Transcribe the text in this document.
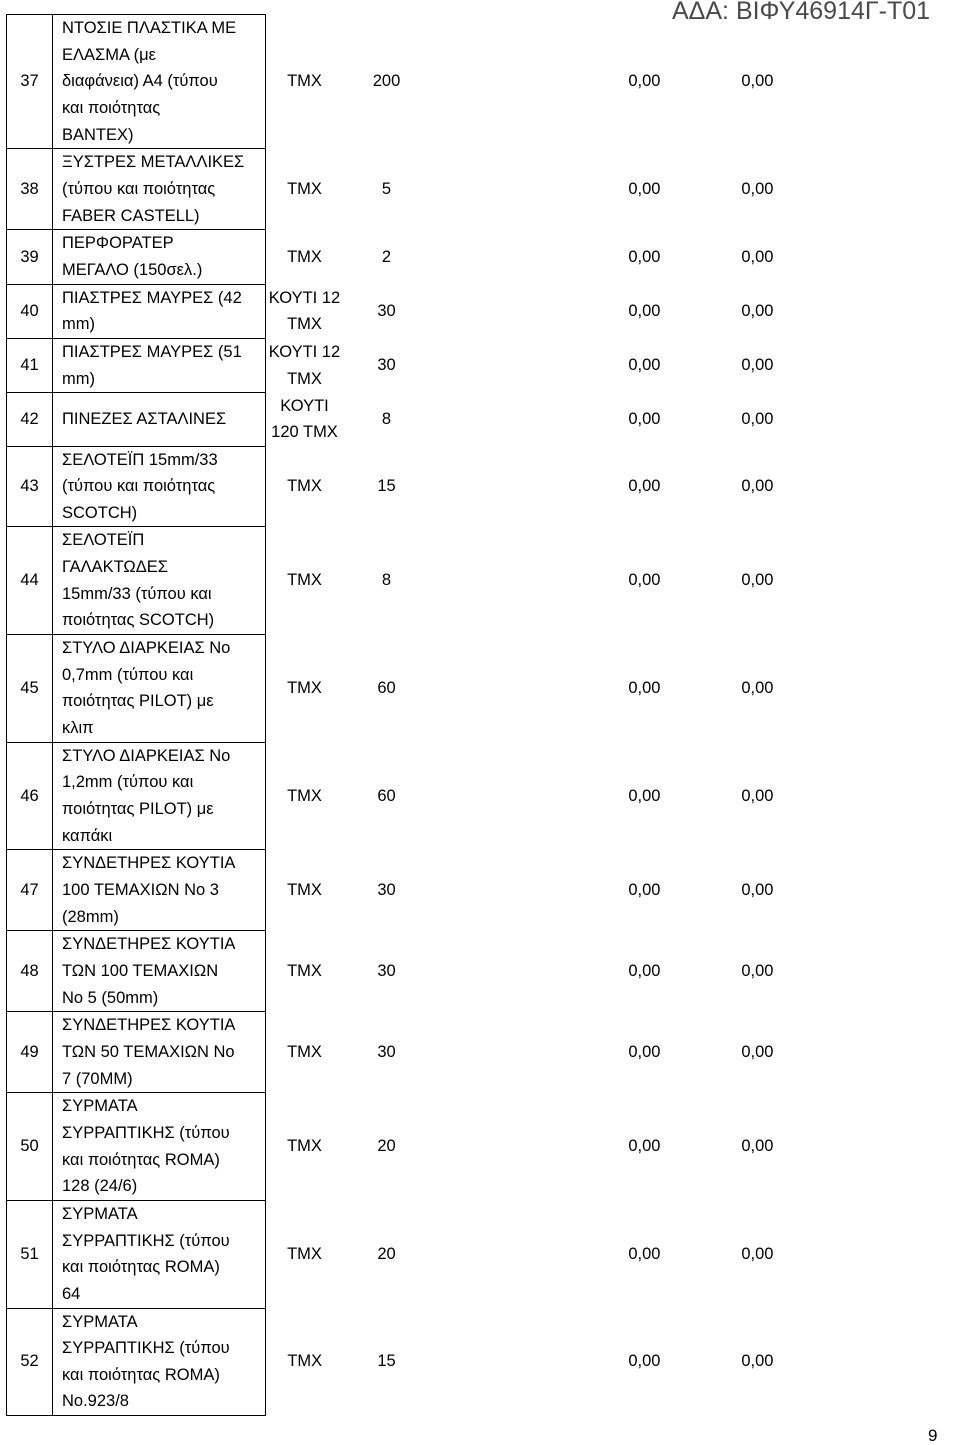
ΑΔΑ: ΒΙΦΥ46914Γ-Τ01
37	ΝΤΟΣΙΕ ΠΛΑΣΤΙΚΑ ΜΕ
ΕΛΑΣΜΑ (με
διαφάνεια) Α4 (τύπου
και ποιότητας
ΒΑΝΤΕΧ)	ΤΜΧ	200	0,00	0,00
38	ΞΥΣΤΡΕΣ ΜΕΤΑΛΛΙΚΕΣ
(τύπου και ποιότητας
FABER CASTELL)	ΤΜΧ	5	0,00	0,00
39	ΠΕΡΦΟΡΑΤΕΡ
ΜΕΓΑΛΟ (150σελ.)	ΤΜΧ	2	0,00	0,00
40	ΠΙΑΣΤΡΕΣ ΜΑΥΡΕΣ (42
mm)	ΚΟΥΤΙ 12
ΤΜΧ	30	0,00	0,00
41	ΠΙΑΣΤΡΕΣ ΜΑΥΡΕΣ (51
mm)	ΚΟΥΤΙ 12
ΤΜΧ	30	0,00	0,00
42	ΠΙΝΕΖΕΣ ΑΣΤΑΛΙΝΕΣ	ΚΟΥΤΙ
120 ΤΜΧ	8	0,00	0,00
43	ΣΕΛΟΤΕΪΠ 15mm/33
(τύπου και ποιότητας
SCOTCH)	ΤΜΧ	15	0,00	0,00
44	ΣΕΛΟΤΕΪΠ
ΓΑΛΑΚΤΩΔΕΣ
15mm/33 (τύπου και
ποιότητας SCOTCH)	ΤΜΧ	8	0,00	0,00
45	ΣΤΥΛΟ ΔΙΑΡΚΕΙΑΣ Νο
0,7mm (τύπου και
ποιότητας PILOT) με
κλιπ	ΤΜΧ	60	0,00	0,00
46	ΣΤΥΛΟ ΔΙΑΡΚΕΙΑΣ Νο
1,2mm (τύπου και
ποιότητας PILOT) με
καπάκι	ΤΜΧ	60	0,00	0,00
47	ΣΥΝΔΕΤΗΡΕΣ ΚΟΥΤΙΑ
100 ΤΕΜΑΧΙΩΝ Νο 3
(28mm)	ΤΜΧ	30	0,00	0,00
48	ΣΥΝΔΕΤΗΡΕΣ ΚΟΥΤΙΑ
ΤΩΝ 100 ΤΕΜΑΧΙΩΝ
Νο 5 (50mm)	ΤΜΧ	30	0,00	0,00
49	ΣΥΝΔΕΤΗΡΕΣ ΚΟΥΤΙΑ
ΤΩΝ 50 ΤΕΜΑΧΙΩΝ Νο
7 (70ΜΜ)	ΤΜΧ	30	0,00	0,00
50	ΣΥΡΜΑΤΑ
ΣΥΡΡΑΠΤΙΚΗΣ (τύπου
και ποιότητας ROMA)
128 (24/6)	ΤΜΧ	20	0,00	0,00
51	ΣΥΡΜΑΤΑ
ΣΥΡΡΑΠΤΙΚΗΣ (τύπου
και ποιότητας ROMA)
64	ΤΜΧ	20	0,00	0,00
52	ΣΥΡΜΑΤΑ
ΣΥΡΡΑΠΤΙΚΗΣ (τύπου
και ποιότητας ROMA)
Νο.923/8	ΤΜΧ	15	0,00	0,00
9
